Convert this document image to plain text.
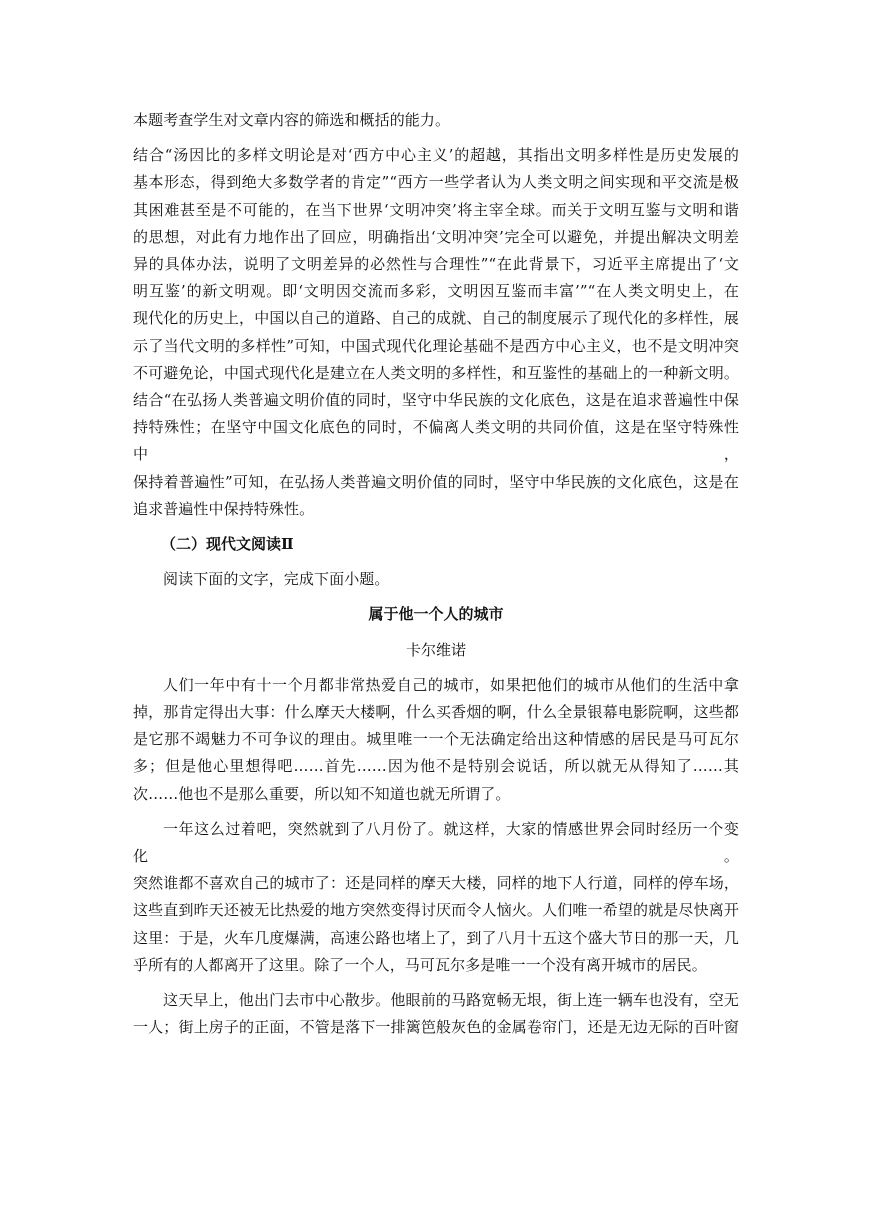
本题考查学生对文章内容的筛选和概括的能力。

结合“汤因比的多样文明论是对‘西方中心主义’的超越，其指出文明多样性是历史发展的

基本形态，得到绝大多数学者的肯定”“西方一些学者认为人类文明之间实现和平交流是极

其困难甚至是不可能的，在当下世界‘文明冲突’将主宰全球。而关于文明互鉴与文明和谐

的思想，对此有力地作出了回应，明确指出‘文明冲突’完全可以避免，并提出解决文明差

异的具体办法，说明了文明差异的必然性与合理性”“在此背景下，习近平主席提出了‘文

明互鉴’的新文明观。即‘文明因交流而多彩，文明因互鉴而丰富’”“在人类文明史上，在

现代化的历史上，中国以自己的道路、自己的成就、自己的制度展示了现代化的多样性，展

示了当代文明的多样性”可知，中国式现代化理论基础不是西方中心主义，也不是文明冲突

不可避免论，中国式现代化是建立在人类文明的多样性，和互鉴性的基础上的一种新文明。

结合“在弘扬人类普遍文明价值的同时，坚守中华民族的文化底色，这是在追求普遍性中保

持特殊性；在坚守中国文化底色的同时，不偏离人类文明的共同价值，这是在坚守特殊性中，

保持着普遍性”可知，在弘扬人类普遍文明价值的同时，坚守中华民族的文化底色，这是在

追求普遍性中保持特殊性。

（二）现代文阅读Ⅱ

阅读下面的文字，完成下面小题。

属于他一个人的城市

卡尔维诺

人们一年中有十一个月都非常热爱自己的城市，如果把他们的城市从他们的生活中拿

掉，那肯定得出大事：什么摩天大楼啊，什么买香烟的啊，什么全景银幕电影院啊，这些都

是它那不竭魅力不可争议的理由。城里唯一一个无法确定给出这种情感的居民是马可瓦尔

多；但是他心里想得吧……首先……因为他不是特别会说话，所以就无从得知了……其

次……他也不是那么重要，所以知不知道也就无所谓了。

一年这么过着吧，突然就到了八月份了。就这样，大家的情感世界会同时经历一个变化。

突然谁都不喜欢自己的城市了：还是同样的摩天大楼，同样的地下人行道，同样的停车场，

这些直到昨天还被无比热爱的地方突然变得讨厌而令人恼火。人们唯一希望的就是尽快离开

这里：于是，火车几度爆满，高速公路也堵上了，到了八月十五这个盛大节日的那一天，几

乎所有的人都离开了这里。除了一个人，马可瓦尔多是唯一一个没有离开城市的居民。

这天早上，他出门去市中心散步。他眼前的马路宽畅无垠，街上连一辆车也没有，空无

一人；街上房子的正面，不管是落下一排篱笆般灰色的金属卷帘门，还是无边无际的百叶窗
